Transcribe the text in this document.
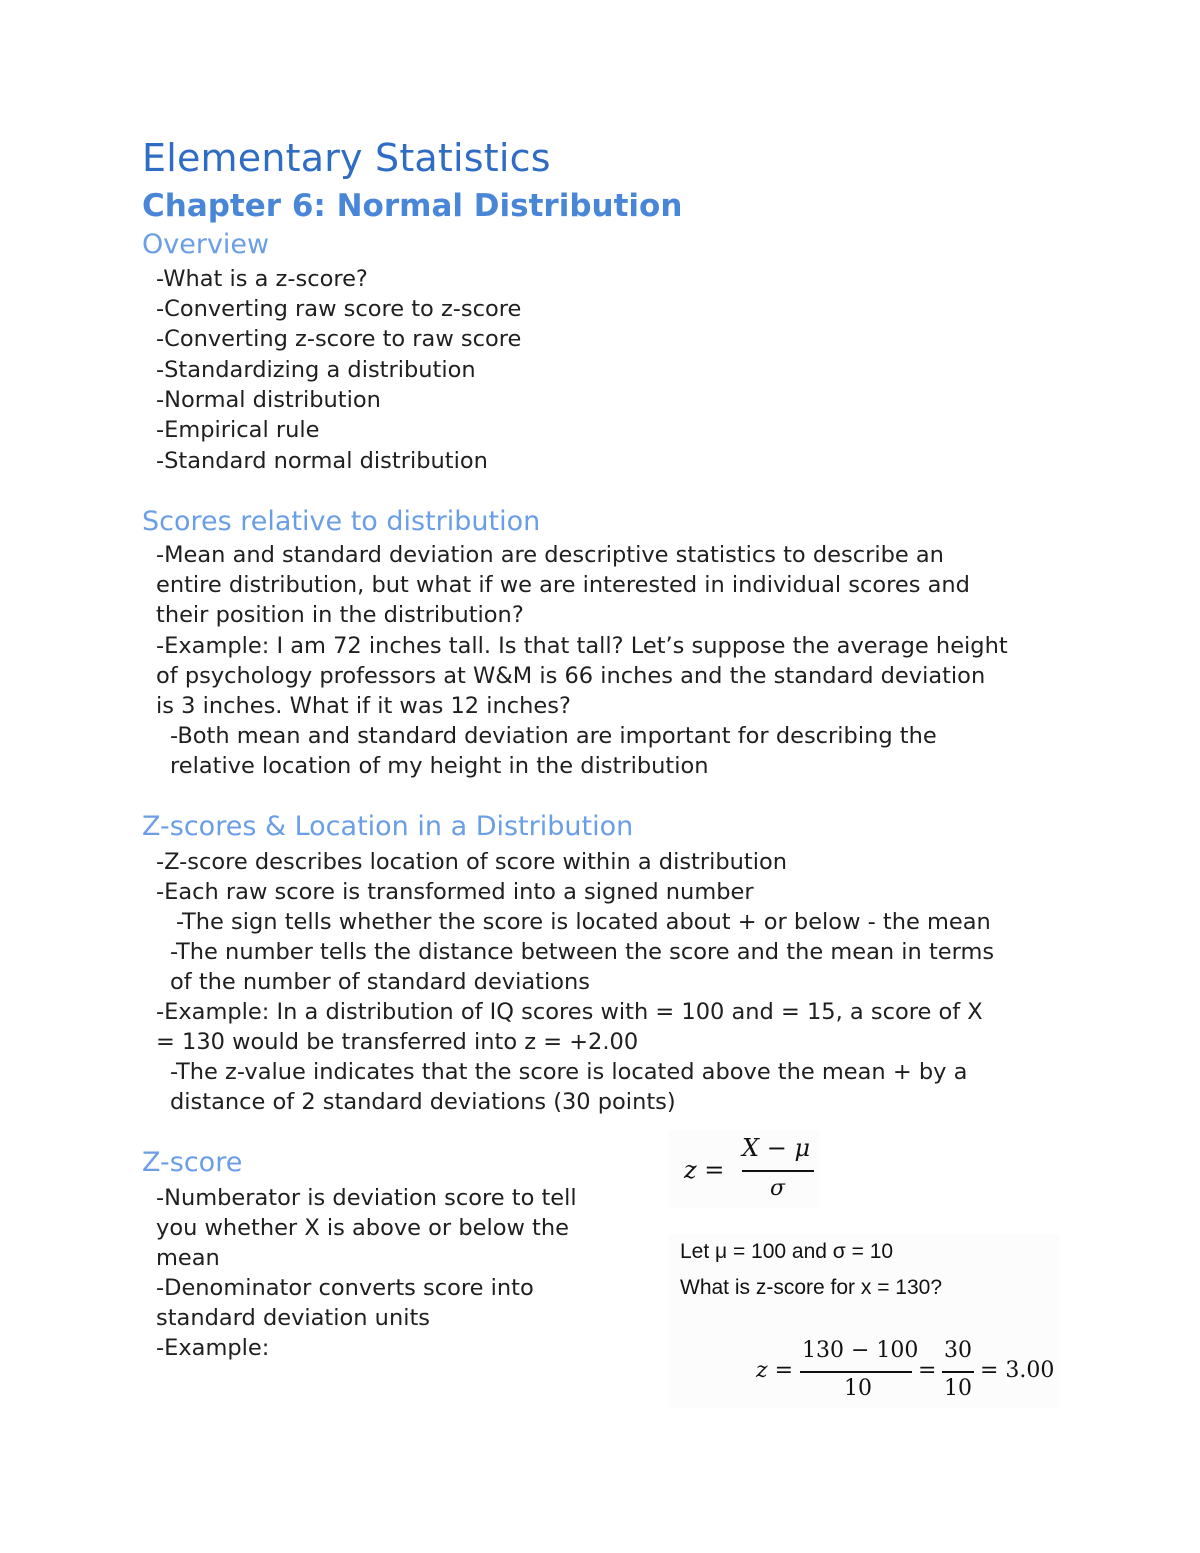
Elementary Statistics
Chapter 6: Normal Distribution
Overview

-What is a z-score?

-Converting raw score to z-score

-Converting z-score to raw score

-Standardizing a distribution

-Normal distribution

-Empirical rule

-Standard normal distribution

Scores relative to distribution

-Mean and standard deviation are descriptive statistics to describe an

entire distribution, but what if we are interested in individual scores and

their position in the distribution?

-Example: I am 72 inches tall. Is that tall? Let’s suppose the average height

of psychology professors at W&M is 66 inches and the standard deviation

is 3 inches. What if it was 12 inches?

-Both mean and standard deviation are important for describing the

relative location of my height in the distribution

Z-scores & Location in a Distribution

-Z-score describes location of score within a distribution

-Each raw score is transformed into a signed number

-The sign tells whether the score is located about + or below - the mean

-The number tells the distance between the score and the mean in terms

of the number of standard deviations

-Example: In a distribution of IQ scores with = 100 and = 15, a score of X

= 130 would be transferred into z = +2.00

-The z-value indicates that the score is located above the mean + by a

distance of 2 standard deviations (30 points)

Z-score

-Numberator is deviation score to tell

you whether X is above or below the

mean

-Denominator converts score into

standard deviation units

-Example:

z =
X − μ
σ
Let μ = 100 and σ = 10
What is z-score for x = 130?
z =
130 − 100
10
=
30
10
= 3.00
